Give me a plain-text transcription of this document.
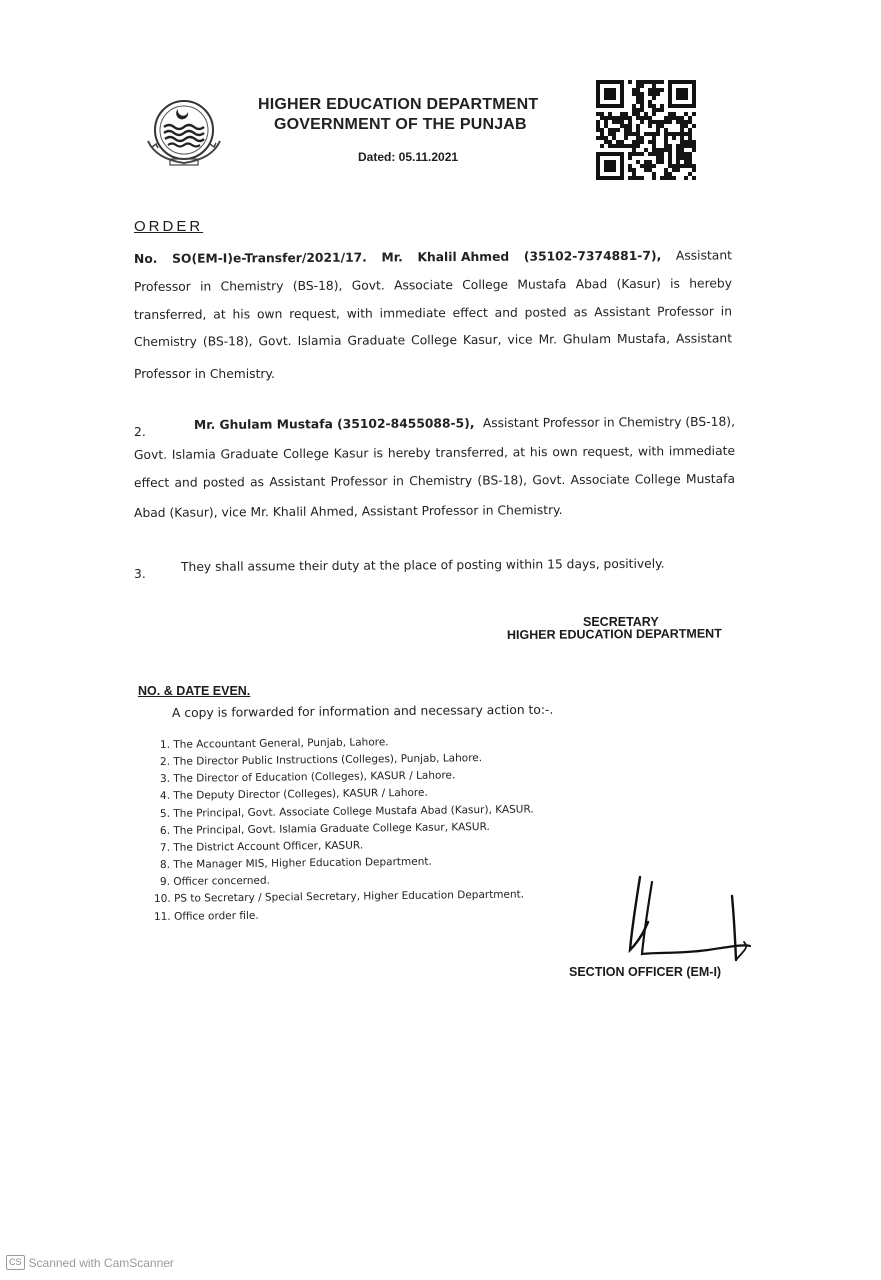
HIGHER EDUCATION DEPARTMENT
GOVERNMENT OF THE PUNJAB
Dated: 05.11.2021
ORDER
No. SO(EM-I)e-Transfer/2021/17. Mr. Khalil Ahmed (35102-7374881-7), Assistant
Professor in Chemistry (BS-18), Govt. Associate College Mustafa Abad (Kasur) is hereby
transferred, at his own request, with immediate effect and posted as Assistant Professor in
Chemistry (BS-18), Govt. Islamia Graduate College Kasur, vice Mr. Ghulam Mustafa, Assistant
Professor in Chemistry.
2.
Mr. Ghulam Mustafa (35102-8455088-5), Assistant Professor in Chemistry (BS-18),
Govt. Islamia Graduate College Kasur is hereby transferred, at his own request, with immediate
effect and posted as Assistant Professor in Chemistry (BS-18), Govt. Associate College Mustafa
Abad (Kasur), vice Mr. Khalil Ahmed, Assistant Professor in Chemistry.
3.
They shall assume their duty at the place of posting within 15 days, positively.
SECRETARY
HIGHER EDUCATION DEPARTMENT
NO. & DATE EVEN.
A copy is forwarded for information and necessary action to:-.
1. The Accountant General, Punjab, Lahore.
2. The Director Public Instructions (Colleges), Punjab, Lahore.
3. The Director of Education (Colleges), KASUR / Lahore.
4. The Deputy Director (Colleges), KASUR / Lahore.
5. The Principal, Govt. Associate College Mustafa Abad (Kasur), KASUR.
6. The Principal, Govt. Islamia Graduate College Kasur, KASUR.
7. The District Account Officer, KASUR.
8. The Manager MIS, Higher Education Department.
9. Officer concerned.
10. PS to Secretary / Special Secretary, Higher Education Department.
11. Office order file.
SECTION OFFICER (EM-I)
CS Scanned with CamScanner
